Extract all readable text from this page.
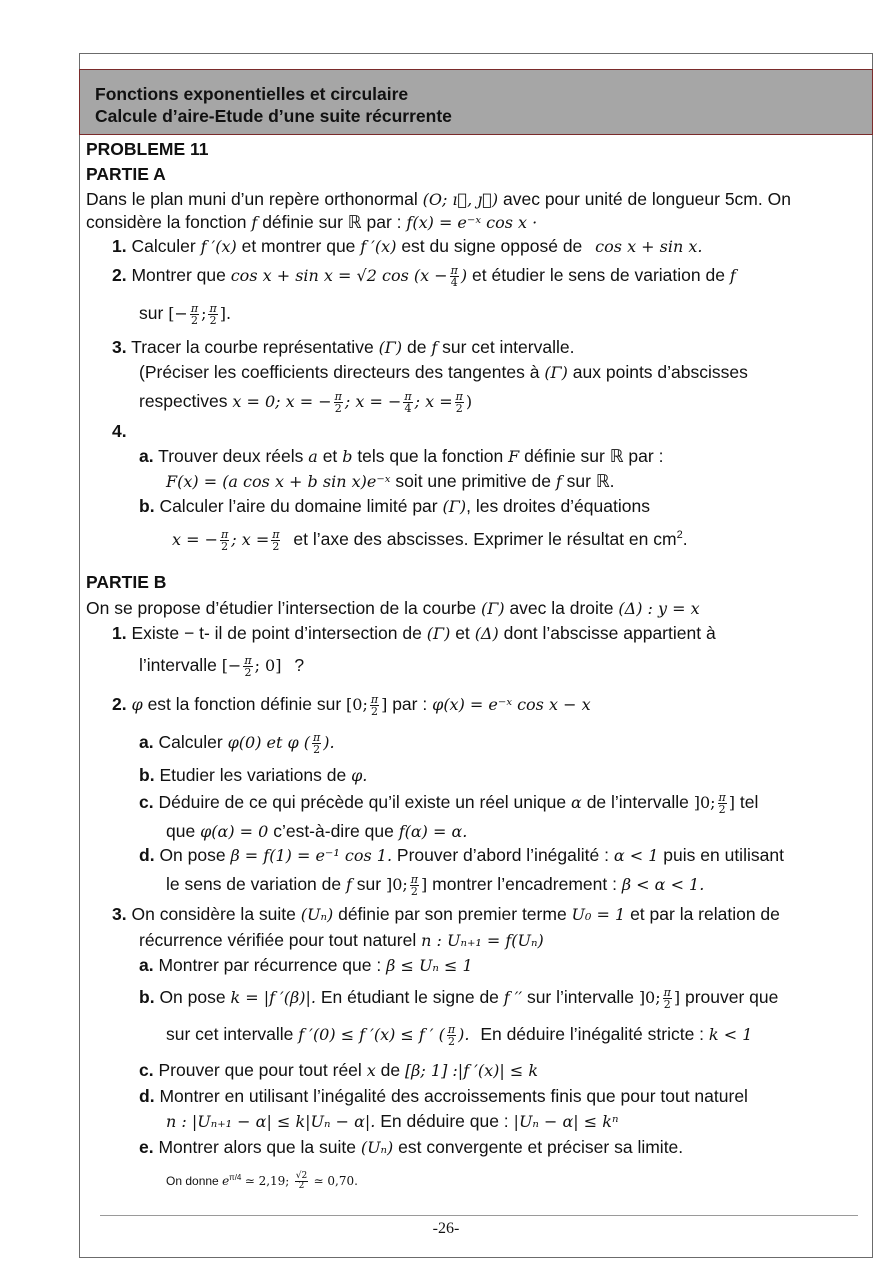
Fonctions exponentielles et circulaire
Calcule d’aire-Etude d’une suite récurrente
PROBLEME 11
PARTIE A
Dans le plan muni d’un repère orthonormal (O; ı⃗, ȷ⃗) avec pour unité de longueur 5cm. On
considère la fonction f définie sur ℝ par : f(x) = e⁻ˣ cos x ·
1. Calculer f ′(x) et montrer que f ′(x) est du signe opposé de cos x + sin x.
2. Montrer que cos x + sin x = √2 $\cos (x - \frac{\pi}{4}$ ) et étudier le sens de variation de f
sur [− $\frac{\pi}{2}$ ; $\frac{\pi}{2}$ ].
3. Tracer la courbe représentative (Γ) de f sur cet intervalle.
(Préciser les coefficients directeurs des tangentes à (Γ) aux points d’abscisses
respectives x = 0; x = − $\frac{\pi}{2}$ ; x = − $\frac{\pi}{4}$ ; $x = \frac{\pi}{2}$ )
4.
a. Trouver deux réels a et b tels que la fonction F définie sur ℝ par :
F(x) = (a cos x + b sin x)e⁻ˣ soit une primitive de f sur ℝ.
b. Calculer l’aire du domaine limité par (Γ), les droites d’équations
x = − $\frac{\pi}{2}$ ; $x = \frac{\pi}{2}$ et l’axe des abscisses. Exprimer le résultat en $cm^2$.
PARTIE B
On se propose d’étudier l’intersection de la courbe (Γ) avec la droite (Δ) : y = x
1. Existe − t- il de point d’intersection de (Γ) et (Δ) dont l’abscisse appartient à
l’intervalle [− $\frac{\pi}{2}$ ; 0] ?
2. φ est la fonction définie sur [0; $\frac{\pi}{2}$ ] par : φ(x) = e⁻ˣ cos x − x
a. Calculer φ(0) et φ ( $\frac{\pi}{2}$ ).
b. Etudier les variations de φ.
c. Déduire de ce qui précède qu’il existe un réel unique α de l’intervalle ]0; $\frac{\pi}{2}$ ] tel
que φ(α) = 0 c’est-à-dire que f(α) = α.
d. On pose β = f(1) = e⁻¹ cos 1. Prouver d’abord l’inégalité : α < 1 puis en utilisant
le sens de variation de f sur ]0; $\frac{\pi}{2}$ ] montrer l’encadrement : β < α < 1.
3. On considère la suite (Uₙ) définie par son premier terme U₀ = 1 et par la relation de
récurrence vérifiée pour tout naturel n : Uₙ₊₁ = f(Uₙ)
a. Montrer par récurrence que : β ≤ Uₙ ≤ 1
b. On pose k = |f ′(β)|. En étudiant le signe de f ′′ sur l’intervalle ]0; $\frac{\pi}{2}$ ] prouver que
sur cet intervalle f ′(0) ≤ f ′(x) ≤ f ′ ( $\frac{\pi}{2}$ ). En déduire l’inégalité stricte : k < 1
c. Prouver que pour tout réel x de [β; 1] :|f ′(x)| ≤ k
d. Montrer en utilisant l’inégalité des accroissements finis que pour tout naturel
n : |Uₙ₊₁ − α| ≤ k|Uₙ − α|. En déduire que : |Uₙ − α| ≤ kⁿ
e. Montrer alors que la suite (Uₙ) est convergente et préciser sa limite.
On donne $e^{\pi/4}$ ≃ 2,19; $\frac{√2}{2}$ ≃ 0,70.
-26-
